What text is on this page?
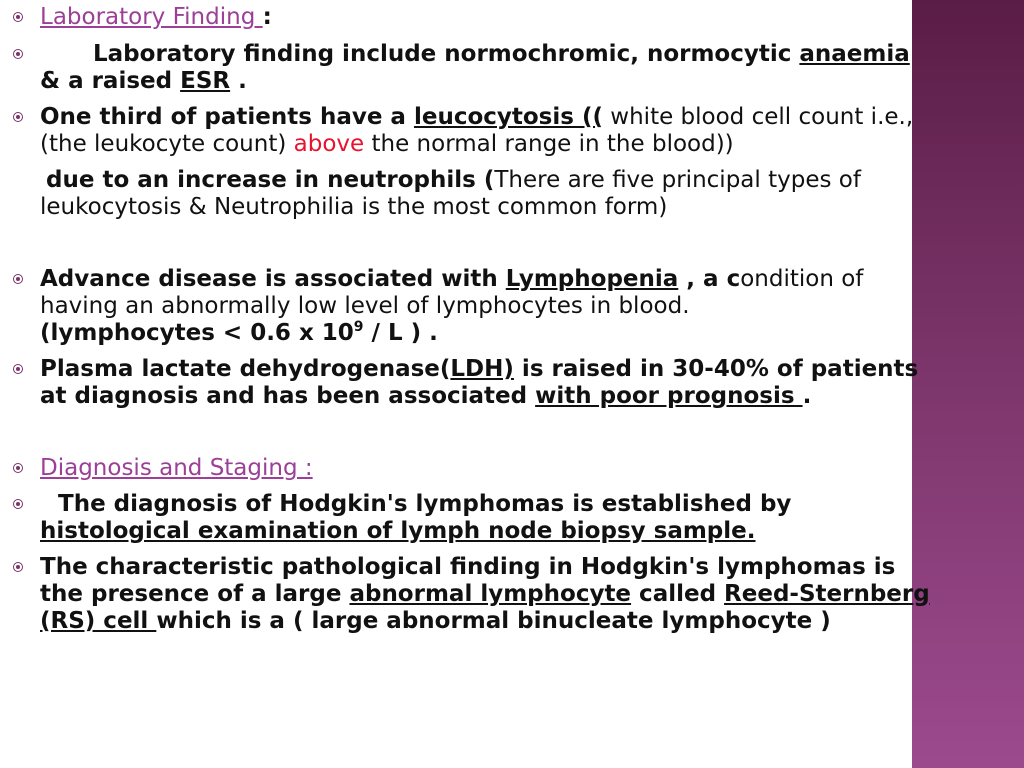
Laboratory Finding :
Laboratory finding include normochromic, normocytic anaemia
& a raised ESR .
One third of patients have a leucocytosis (( white blood cell count i.e.,(the leukocyte count) above the normal range in the blood))
due to an increase in neutrophils (There are five principal types of leukocytosis & Neutrophilia is the most common form)
Advance disease is associated with Lymphopenia , a condition of having an abnormally low level of lymphocytes in blood.
(lymphocytes < 0.6 x $10^9$ / L ) .
Plasma lactate dehydrogenase(LDH) is raised in 30-40% of patients at diagnosis and has been associated with poor prognosis .
Diagnosis and Staging :
The diagnosis of Hodgkin's lymphomas is established by histological examination of lymph node biopsy sample.
The characteristic pathological finding in Hodgkin's lymphomas is the presence of a large abnormal lymphocyte called Reed-Sternberg (RS) cell which is a ( large abnormal binucleate lymphocyte )
